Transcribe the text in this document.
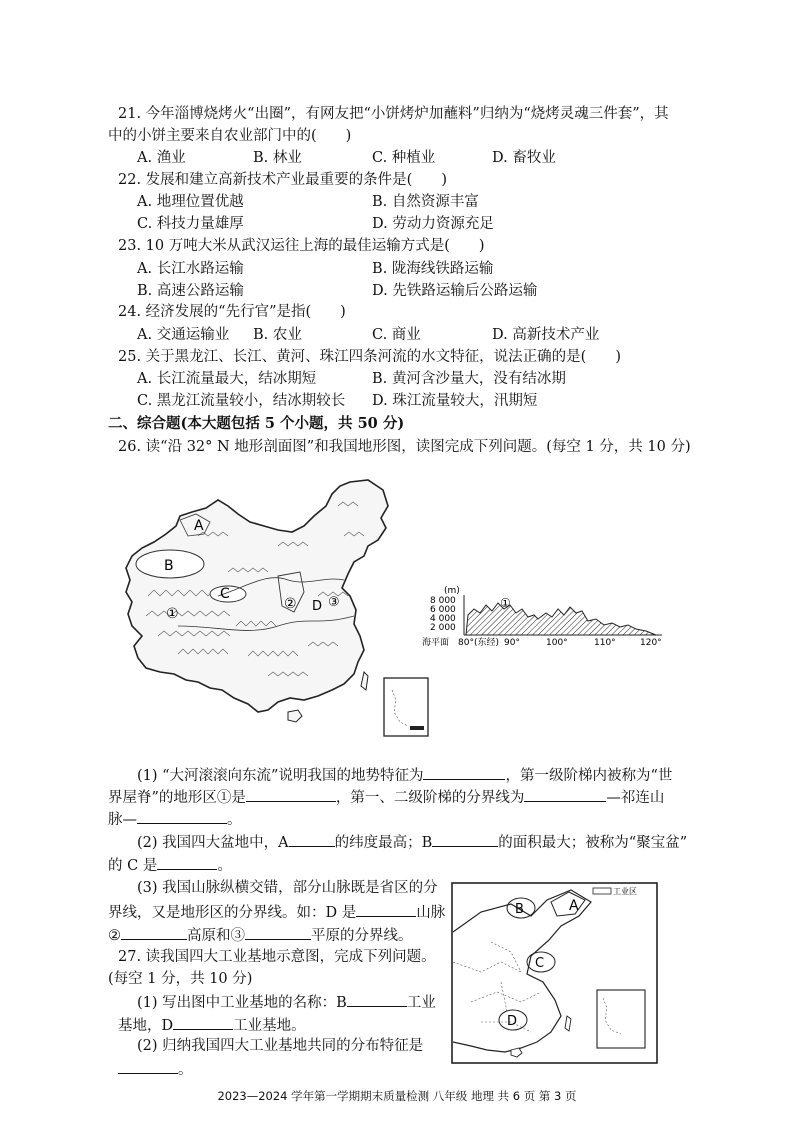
21. 今年淄博烧烤火“出圈”，有网友把“小饼烤炉加蘸料”归纳为“烧烤灵魂三件套”，其
中的小饼主要来自农业部门中的(　　)
A. 渔业	B. 林业	C. 种植业	D. 畜牧业
22. 发展和建立高新技术产业最重要的条件是(　　)
A. 地理位置优越	B. 自然资源丰富
C. 科技力量雄厚	D. 劳动力资源充足
23. 10 万吨大米从武汉运往上海的最佳运输方式是(　　)
A. 长江水路运输	B. 陇海线铁路运输
B. 高速公路运输	D. 先铁路运输后公路运输
24. 经济发展的“先行官”是指(　　)
A. 交通运输业 B. 农业	C. 商业	D. 高新技术产业
25. 关于黑龙江、长江、黄河、珠江四条河流的水文特征，说法正确的是(　　)
A. 长江流量最大，结冰期短	B. 黄河含沙量大，没有结冰期
C. 黑龙江流量较小，结冰期较长 D. 珠江流量较大，汛期短
二、综合题(本大题包括 5 个小题，共 50 分)
26. 读“沿 32° N 地形剖面图”和我国地形图，读图完成下列问题。(每空 1 分，共 10 分)
A
B
C
D
①
② ③
(m)
8 000
6 000
4 000
2 000
①
海平面 80°(东经) 90°	100°	110°	120°
(1) “大河滚滚向东流”说明我国的地势特征为	，第一级阶梯内被称为“世
界屋脊”的地形区①是	，第一、二级阶梯的分界线为	—祁连山
脉—	。
(2) 我国四大盆地中，A	的纬度最高；B	的面积最大；被称为“聚宝盆”
的 C 是	。
(3) 我国山脉纵横交错，部分山脉既是省区的分
界线，又是地形区的分界线。如：D 是	山脉
②	高原和③	平原的分界线。
27. 读我国四大工业基地示意图，完成下列问题。
(每空 1 分，共 10 分)
(1) 写出图中工业基地的名称：B	工业
基地，D	工业基地。
(2) 归纳我国四大工业基地共同的分布特征是
。
工业区
A
B
C
D
2023—2024 学年第一学期期末质量检测 八年级 地理 共 6 页 第 3 页
